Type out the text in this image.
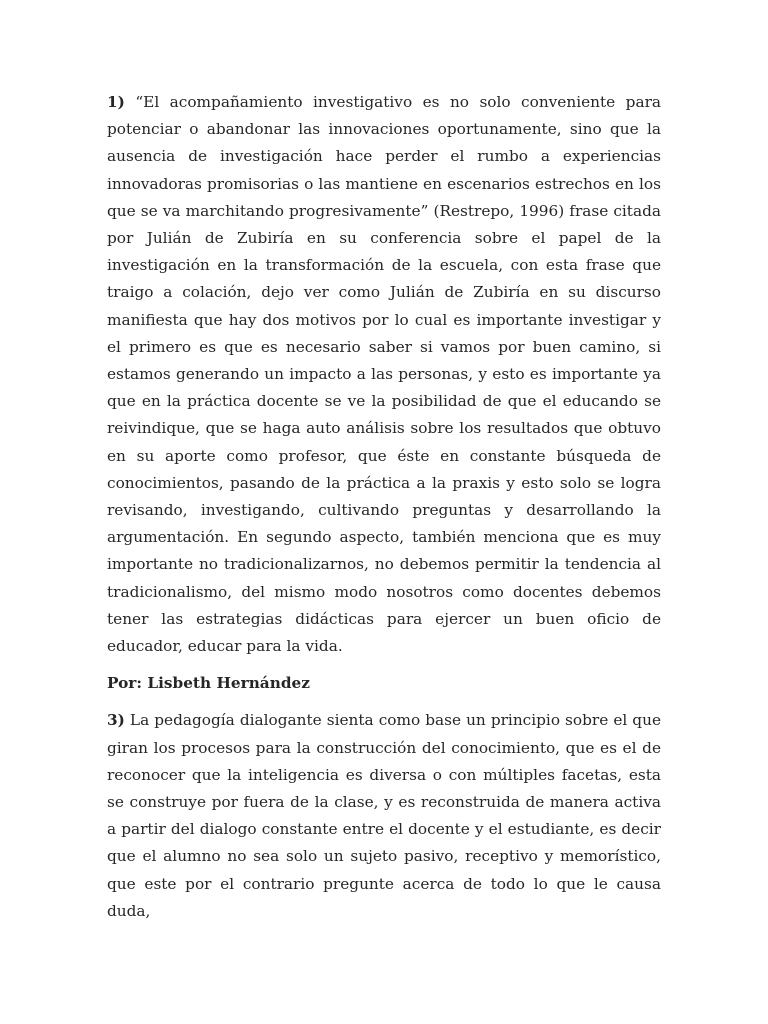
1) “El acompañamiento investigativo es no solo conveniente para potenciar o abandonar las innovaciones oportunamente, sino que la ausencia de investigación hace perder el rumbo a experiencias innovadoras promisorias o las mantiene en escenarios estrechos en los que se va marchitando progresivamente” (Restrepo, 1996) frase citada por Julián de Zubiría en su conferencia sobre el papel de la investigación en la transformación de la escuela, con esta frase que traigo a colación, dejo ver como Julián de Zubiría en su discurso manifiesta que hay dos motivos por lo cual es importante investigar y el primero es que es necesario saber si vamos por buen camino, si estamos generando un impacto a las personas, y esto es importante ya que en la práctica docente se ve la posibilidad de que el educando se reivindique, que se haga auto análisis sobre los resultados que obtuvo en su aporte como profesor, que éste en constante búsqueda de conocimientos, pasando de la práctica a la praxis y esto solo se logra revisando, investigando, cultivando preguntas y desarrollando la argumentación. En segundo aspecto, también menciona que es muy importante no tradicionalizarnos, no debemos permitir la tendencia al tradicionalismo, del mismo modo nosotros como docentes debemos tener las estrategias didácticas para ejercer un buen oficio de educador, educar para la vida.

Por: Lisbeth Hernández

3) La pedagogía dialogante sienta como base un principio sobre el que giran los procesos para la construcción del conocimiento, que es el de reconocer que la inteligencia es diversa o con múltiples facetas, esta se construye por fuera de la clase, y es reconstruida de manera activa a partir del dialogo constante entre el docente y el estudiante, es decir que el alumno no sea solo un sujeto pasivo, receptivo y memorístico, que este por el contrario pregunte acerca de todo lo que le causa duda,
